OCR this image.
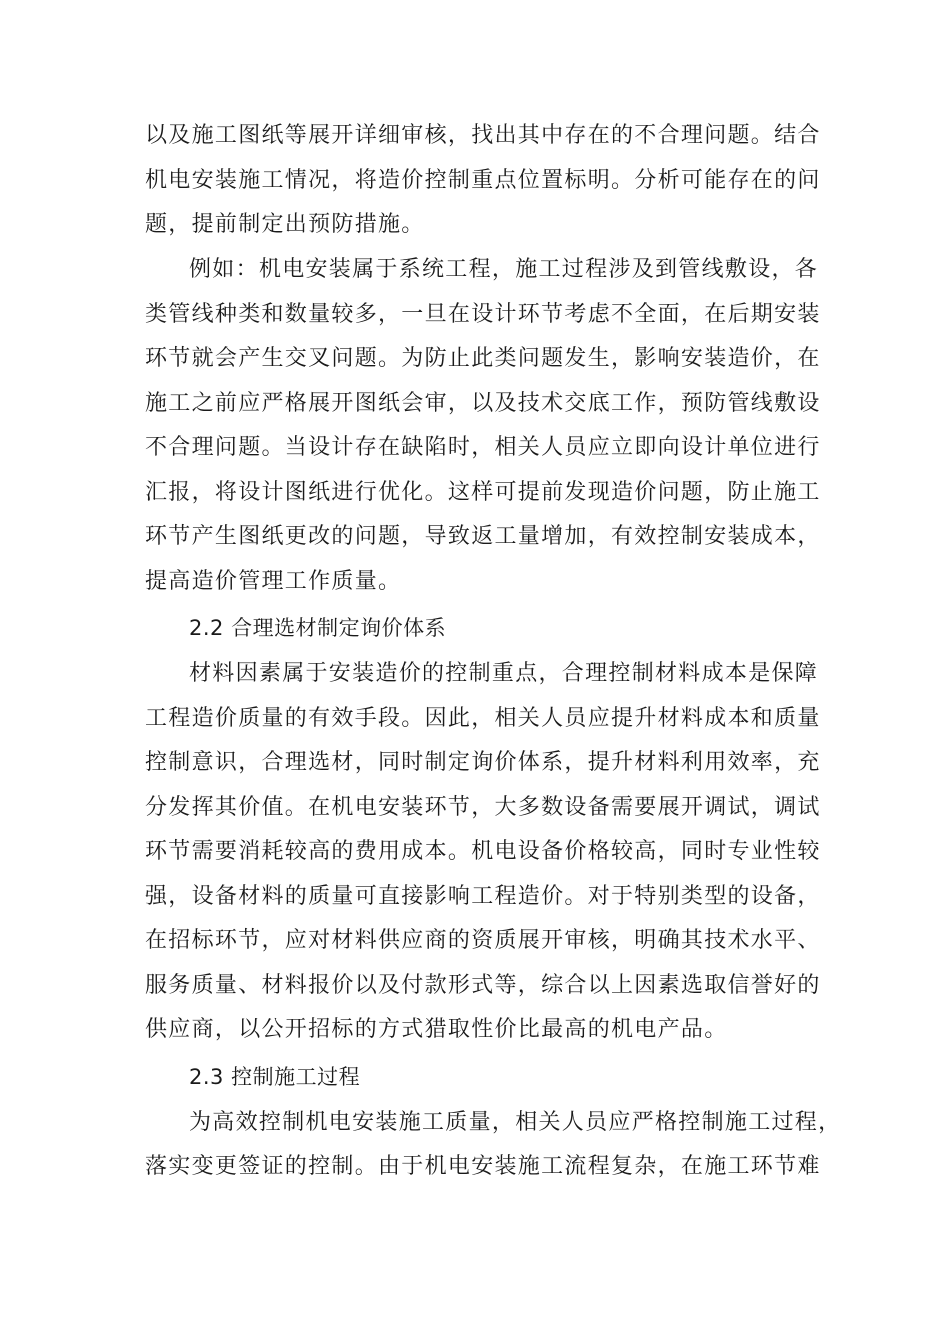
以及施工图纸等展开详细审核，找出其中存在的不合理问题。结合
机电安装施工情况，将造价控制重点位置标明。分析可能存在的问
题，提前制定出预防措施。
例如：机电安装属于系统工程，施工过程涉及到管线敷设，各
类管线种类和数量较多，一旦在设计环节考虑不全面，在后期安装
环节就会产生交叉问题。为防止此类问题发生，影响安装造价，在
施工之前应严格展开图纸会审，以及技术交底工作，预防管线敷设
不合理问题。当设计存在缺陷时，相关人员应立即向设计单位进行
汇报，将设计图纸进行优化。这样可提前发现造价问题，防止施工
环节产生图纸更改的问题，导致返工量增加，有效控制安装成本，
提高造价管理工作质量。
2.2 合理选材制定询价体系
材料因素属于安装造价的控制重点，合理控制材料成本是保障
工程造价质量的有效手段。因此，相关人员应提升材料成本和质量
控制意识，合理选材，同时制定询价体系，提升材料利用效率，充
分发挥其价值。在机电安装环节，大多数设备需要展开调试，调试
环节需要消耗较高的费用成本。机电设备价格较高，同时专业性较
强，设备材料的质量可直接影响工程造价。对于特别类型的设备，
在招标环节，应对材料供应商的资质展开审核，明确其技术水平、
服务质量、材料报价以及付款形式等，综合以上因素选取信誉好的
供应商，以公开招标的方式猎取性价比最高的机电产品。
2.3 控制施工过程
为高效控制机电安装施工质量，相关人员应严格控制施工过程，
落实变更签证的控制。由于机电安装施工流程复杂，在施工环节难
